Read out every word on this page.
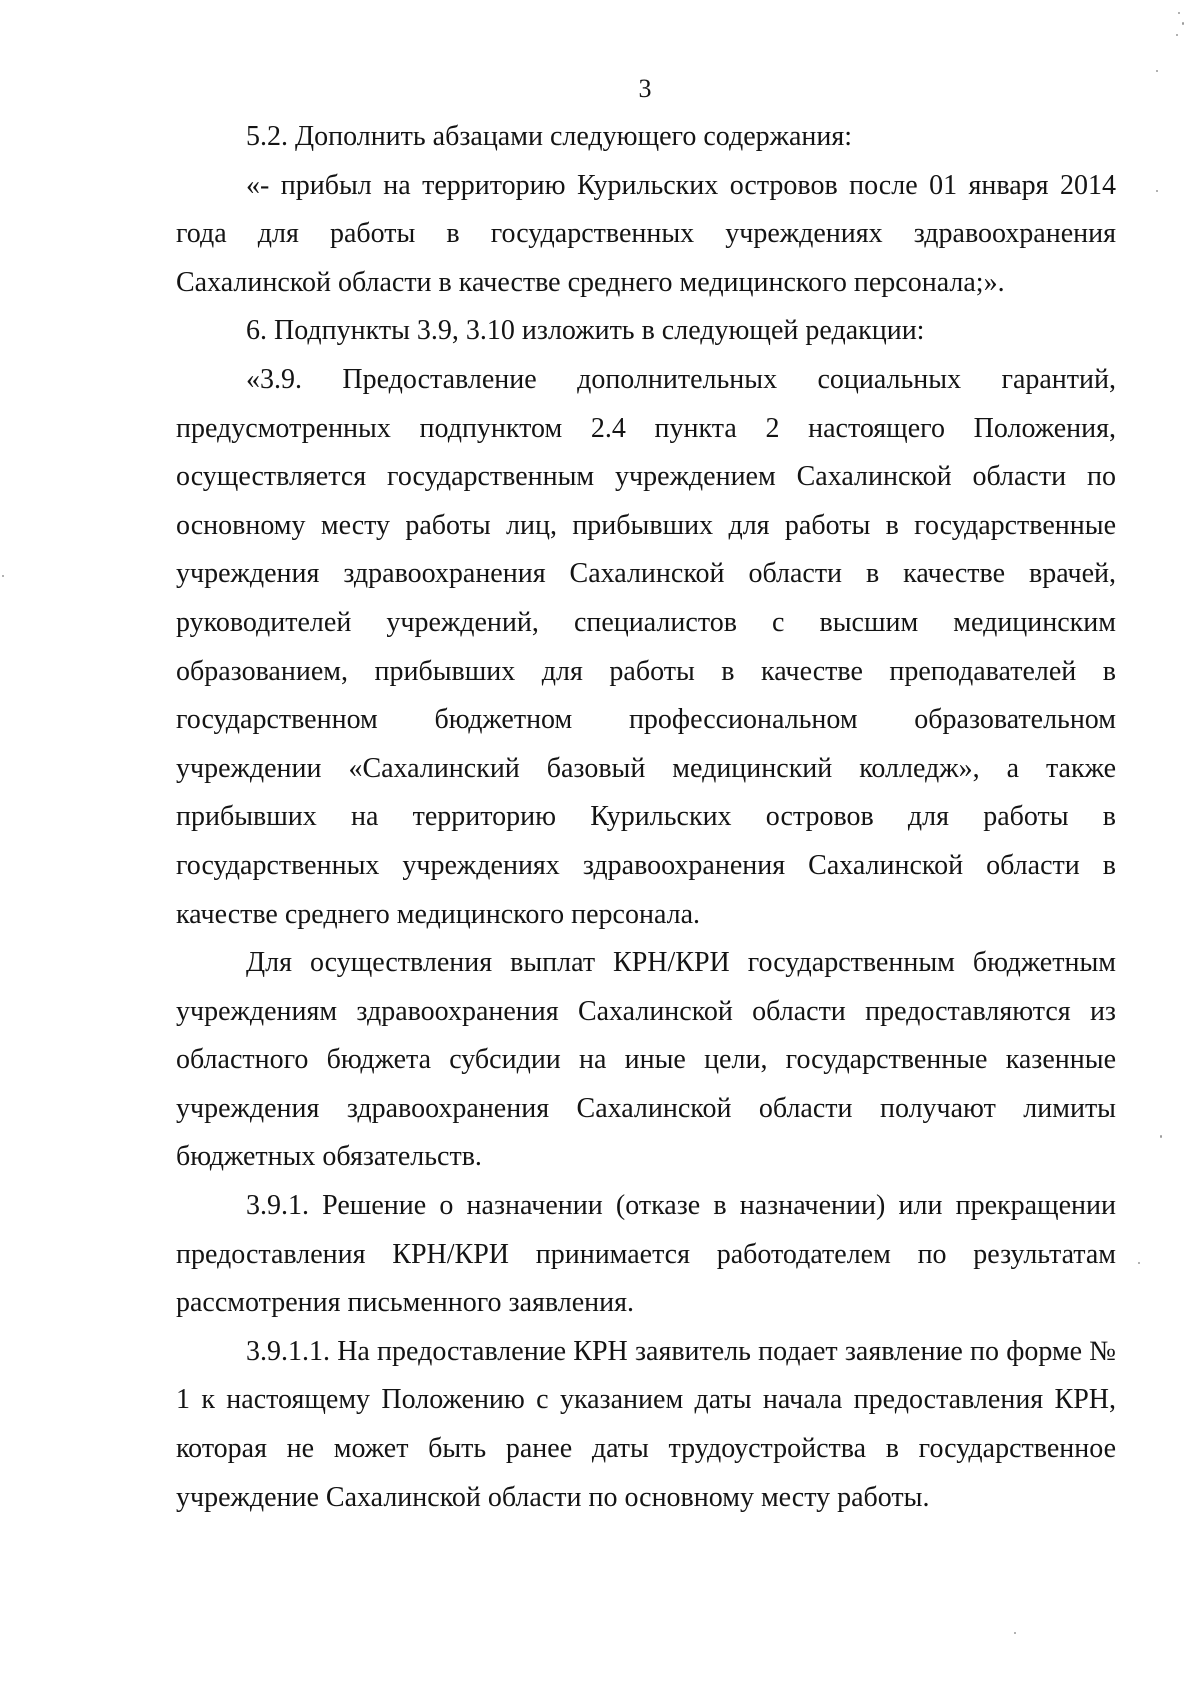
3

5.2. Дополнить абзацами следующего содержания:

«- прибыл на территорию Курильских островов после 01 января 2014 года для работы в государственных учреждениях здравоохранения Сахалинской области в качестве среднего медицинского персонала;».

6. Подпункты 3.9, 3.10 изложить в следующей редакции:

«3.9. Предоставление дополнительных социальных гарантий, предусмотренных подпунктом 2.4 пункта 2 настоящего Положения, осуществляется государственным учреждением Сахалинской области по основному месту работы лиц, прибывших для работы в государственные учреждения здравоохранения Сахалинской области в качестве врачей, руководителей учреждений, специалистов с высшим медицинским образованием, прибывших для работы в качестве преподавателей в государственном бюджетном профессиональном образовательном учреждении «Сахалинский базовый медицинский колледж», а также прибывших на территорию Курильских островов для работы в государственных учреждениях здравоохранения Сахалинской области в качестве среднего медицинского персонала.

Для осуществления выплат КРН/КРИ государственным бюджетным учреждениям здравоохранения Сахалинской области предоставляются из областного бюджета субсидии на иные цели, государственные казенные учреждения здравоохранения Сахалинской области получают лимиты бюджетных обязательств.

3.9.1. Решение о назначении (отказе в назначении) или прекращении предоставления КРН/КРИ принимается работодателем по результатам рассмотрения письменного заявления.

3.9.1.1. На предоставление КРН заявитель подает заявление по форме № 1 к настоящему Положению с указанием даты начала предоставления КРН, которая не может быть ранее даты трудоустройства в государственное учреждение Сахалинской области по основному месту работы.
